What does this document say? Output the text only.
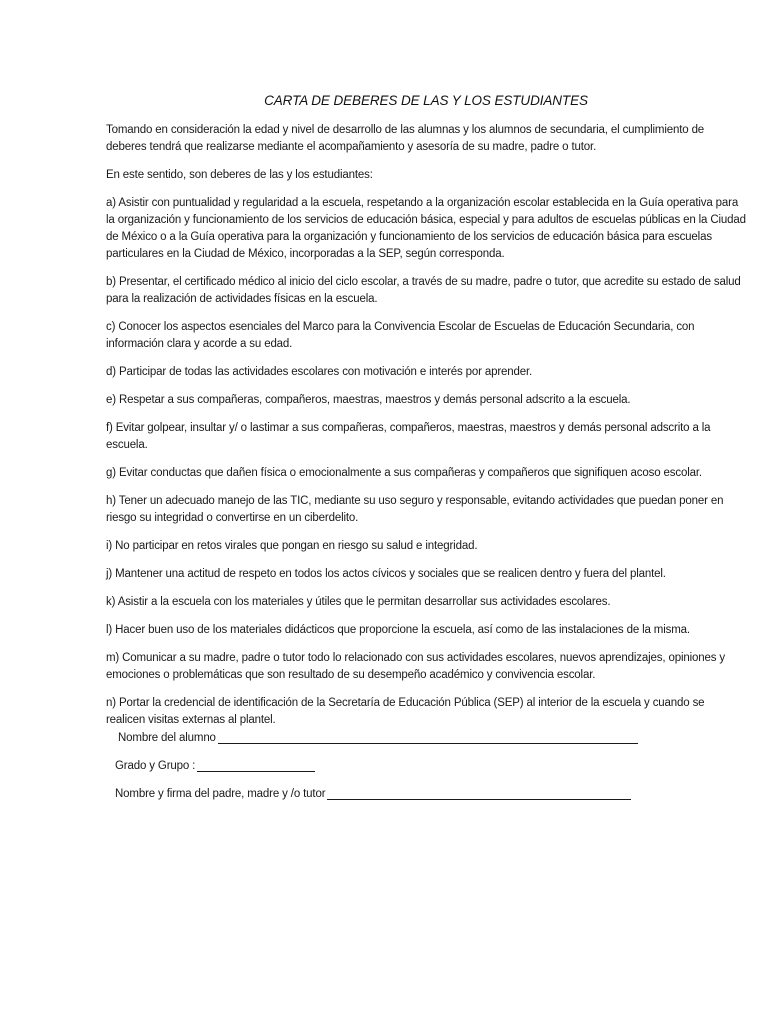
CARTA DE DEBERES DE LAS Y LOS ESTUDIANTES

Tomando en consideración la edad y nivel de desarrollo de las alumnas y los alumnos de secundaria, el cumplimiento de deberes tendrá que realizarse mediante el acompañamiento y asesoría de su madre, padre o tutor.

En este sentido, son deberes de las y los estudiantes:

a) Asistir con puntualidad y regularidad a la escuela, respetando a la organización escolar establecida en la Guía operativa para la organización y funcionamiento de los servicios de educación básica, especial y para adultos de escuelas públicas en la Ciudad de México o a la Guía operativa para la organización y funcionamiento de los servicios de educación básica para escuelas particulares en la Ciudad de México, incorporadas a la SEP, según corresponda.

b) Presentar, el certificado médico al inicio del ciclo escolar, a través de su madre, padre o tutor, que acredite su estado de salud para la realización de actividades físicas en la escuela.

c) Conocer los aspectos esenciales del Marco para la Convivencia Escolar de Escuelas de Educación Secundaria, con información clara y acorde a su edad.

d) Participar de todas las actividades escolares con motivación e interés por aprender.

e) Respetar a sus compañeras, compañeros, maestras, maestros y demás personal adscrito a la escuela.

f) Evitar golpear, insultar y/ o lastimar a sus compañeras, compañeros, maestras, maestros y demás personal adscrito a la escuela.

g) Evitar conductas que dañen física o emocionalmente a sus compañeras y compañeros que signifiquen acoso escolar.

h) Tener un adecuado manejo de las TIC, mediante su uso seguro y responsable, evitando actividades que puedan poner en riesgo su integridad o convertirse en un ciberdelito.

i) No participar en retos virales que pongan en riesgo su salud e integridad.

j) Mantener una actitud de respeto en todos los actos cívicos y sociales que se realicen dentro y fuera del plantel.

k) Asistir a la escuela con los materiales y útiles que le permitan desarrollar sus actividades escolares.

l) Hacer buen uso de los materiales didácticos que proporcione la escuela, así como de las instalaciones de la misma.

m) Comunicar a su madre, padre o tutor todo lo relacionado con sus actividades escolares, nuevos aprendizajes, opiniones y emociones o problemáticas que son resultado de su desempeño académico y convivencia escolar.

n) Portar la credencial de identificación de la Secretaría de Educación Pública (SEP) al interior de la escuela y cuando se realicen visitas externas al plantel.

Nombre del alumno
Grado y Grupo :
Nombre y firma del padre, madre y /o tutor
